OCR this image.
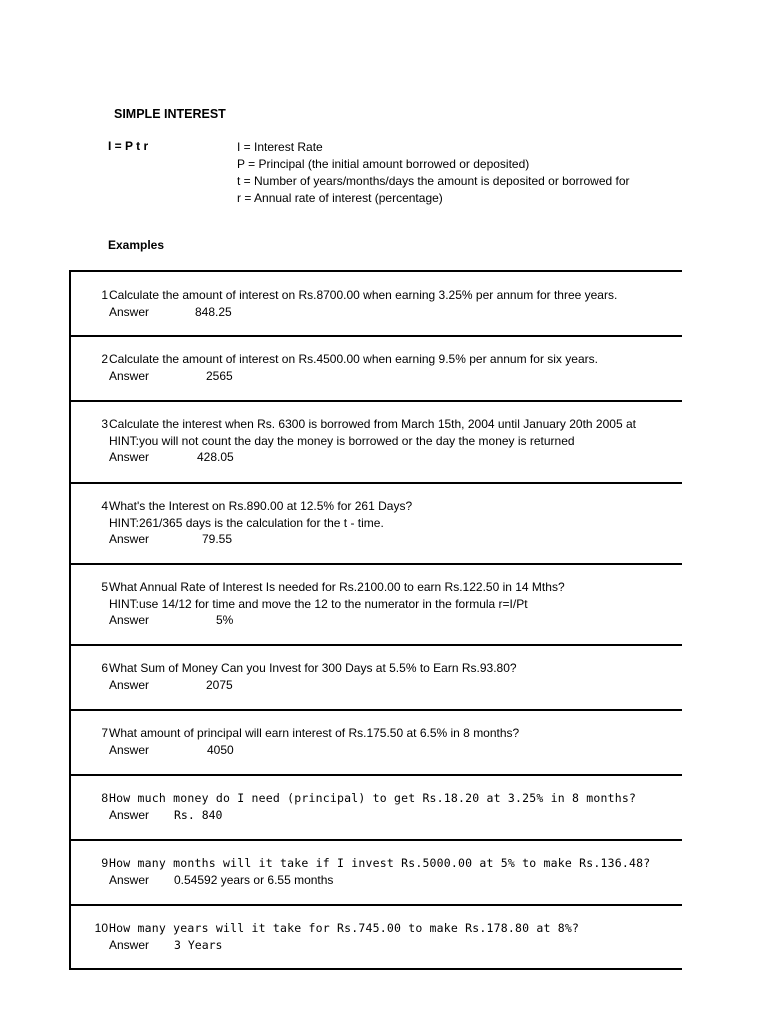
SIMPLE INTEREST
I = P t r	I = Interest Rate
P = Principal (the initial amount borrowed or deposited)
t = Number of years/months/days the amount is deposited or borrowed for
r = Annual rate of interest (percentage)
Examples
1 Calculate the amount of interest on Rs.8700.00 when earning 3.25% per annum for three years.
Answer	848.25
2 Calculate the amount of interest on Rs.4500.00 when earning 9.5% per annum for six years.
Answer	2565
3 Calculate the interest when Rs. 6300 is borrowed from March 15th, 2004 until January 20th 2005 at
HINT:you will not count the day the money is borrowed or the day the money is returned
Answer	428.05
4 What's the Interest on Rs.890.00 at 12.5% for 261 Days?
HINT:261/365 days is the calculation for the t - time.
Answer	79.55
5 What Annual Rate of Interest Is needed for Rs.2100.00 to earn Rs.122.50 in 14 Mths?
HINT:use 14/12 for time and move the 12 to the numerator in the formula r=I/Pt
Answer	5%
6 What Sum of Money Can you Invest for 300 Days at 5.5% to Earn Rs.93.80?
Answer	2075
7 What amount of principal will earn interest of Rs.175.50 at 6.5% in 8 months?
Answer	4050
8 How much money do I need (principal) to get Rs.18.20 at 3.25% in 8 months?
Answer Rs. 840
9 How many months will it take if I invest Rs.5000.00 at 5% to make Rs.136.48?
Answer 0.54592 years or 6.55 months
10 How many years will it take for Rs.745.00 to make Rs.178.80 at 8%?
Answer 3 Years
